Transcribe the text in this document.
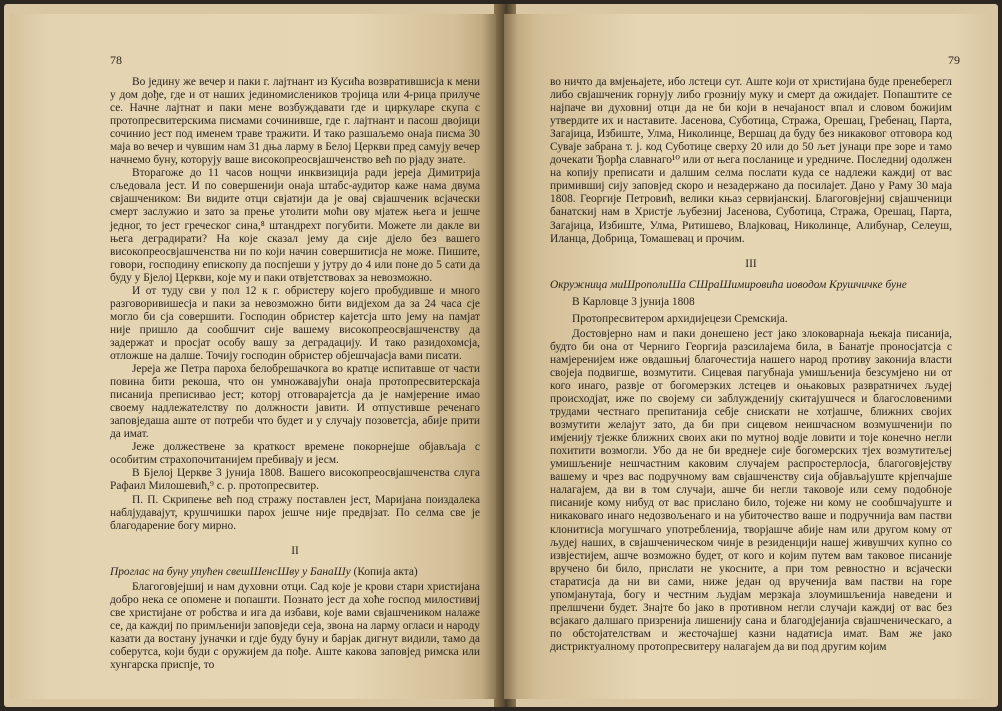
78

Во једину же вечер и паки г. лајтнант из Кусића возвратившисја к мени у дом дође, где и от наших јединомислеников тројица или 4-рица прилуче се. Начне лајтнат и паки мене возбуждавати где и циркуларе скупа с протопресвитерскима писмами сочинивше, где г. лајтнант и пасош двојици сочинио јест под именем траве тражити. И тако разшаљемо онаја писма 30 маја во вечер и чувшим нам 31 дња ларму в Белој Церкви пред самују вечер начнемо буну, которују ваше високопреосвјашченство већ по рјаду знате.

Вторагоже до 11 часов нощчи инквизиција ради јереја Димитрија сљедовала јест. И по совершенији онаја штабс-аудитор каже нама двума свјашчеником: Ви видите отци свјатији да је овај свјашченик всјачески смерт заслужио и зато за прење утолити моћи ову мјатеж њега и јешче једног, то јест греческог сина,⁸ штандрехт погубити. Можете ли дакле ви њега деградирати? На које сказал јему да сије дјело без вашего високопреосвјашченства ни по који начин совершитисја не може. Пишите, говори, господину епископу да поспјеши у јутру до 4 или поне до 5 сати да буду у Бјелој Церкви, које му и паки отвјетствовах за невозможно.

И от туду сви у пол 12 к г. обристеру којего пробудивше и много разговоривишесја и паки за невозможно бити видјехом да за 24 часа сје могло би сја совершити. Господин обристер кајетсја што јему на памјат није пришло да сообшчит сије вашему високопреосвјашченству да задержат и просјат особу вашу за деградацију. И тако разидохомсја, отложше на далше. Точију господин обристер објешчајасја вами писати.

Јереја же Петра пароха белобрешачкога во кратце испитавше от части повина бити рекоша, что он умножавајући онаја протопресвитерскаја писанија преписивао јест; которј отговарајетсја да је намјерение имао своему надлежателству по должности јавити. И отпустивше реченаго заповједаша аште от потреби что будет и у случају позоветсја, абије прити да имат.

Јеже должествене за краткост времене покорнејше објављаја с особитим страхопочитанијем пребивају и јесм.

В Бјелој Церкве 3 јунија 1808. Вашего високопреосвјашченства слуга Рафаил Милошевић,⁹ с. р. протопресвитер.

П. П. Скрипење већ под стражу поставлен јест, Маријана поиздалека наблјудавајут, крушчишки парох јешче није предвјзат. По селма све је благодарение богу мирно.

II

Проглас на буну упућен свешШенсШву у БанаШу (Копија акта)

Благоговјејшиј и нам духовни отци. Сад које је крови стари христијана добро нека се опомене и попашти. Познато јест да хоће господ милостивиј све христијане от робства и ига да избави, које вами свјашчеником налаже се, да каждиј по примљенији заповједи сеја, звона на ларму огласи и народу казати да востану јуначки и гдје буду буну и барјак дигнут видили, тамо да соберутса, који буди с оружијем да пође. Аште какова заповјед римска или хунгарска приспје, то

79

во ничто да вмјењајете, ибо лстеци сут. Аште који от христијана буде пренеберегл либо свјашченик горнују либо грозниjу муку и смерт да ожидајет. Попаштите се најпаче ви духовниј отци да не би који в нечајаност впал и словом божијим утвердите их и наставите. Јасенова, Суботица, Стража, Орешац, Гребенац, Парта, Загајица, Избиште, Улма, Николинце, Вершац да буду без никаковог отговора код Сувајe забрана т. ј. код Суботице сверху 20 или до 50 љет јунаци пре зоре и тамо дочекати Ђорђа славнаго¹⁰ или от њега посланице и уредниче. Последниј одолжен на копију преписати и далшим селма послати куда се надлежи каждиј от вас примившиј сију заповјед скоро и незадержано да посилајет. Дано у Раму 30 маја 1808. Георгије Петровић, велики књаз сервијанскиј. Благоговјејниј свјашченици банатскиј нам в Христје љубезниј Јасенова, Суботица, Стража, Орешац, Парта, Загајица, Избиште, Улма, Ритишево, Влајковац, Николинце, Алибунар, Селеуш, Иланца, Добрица, Томашевац и прочим.

III

Окружница миШрополиШа СШраШимировића иоводом Крушчичке буне

В Карловце 3 јунија 1808

Протопресвитером архидијецези Сремскија.

Достовјерно нам и паки донешено јест јако злоковарнаја њекаја писанија, будто би она от Черниго Георгија разсилајема била, в Банатје проносјатсја с намјеренијем иже овдашњиј благочестија нашего народ противу законија власти својеја подвигше, возмутити. Сицевая пагубнаја умишљенија безсумјено ни от кого инаго, развје от богомерзких лстецев и оњаковых развратничех људеј происходјат, иже по својему си заблужденију скитајушчеся и благословеними трудами честнаго препитанија себје снискати не хотјашче, ближних својих возмутити желајут зато, да би при сицевом неишчасном возмушченији по имјенију тјежке ближних своих аки по мутној водје ловити и тоје конечно негли похитити возмогли. Убо да не би вреднеје сије богомерских тјех возмутитељеј умишљеније нешчастним каковим случајем распростерлосја, благоговјејству вашему и чрез вас подручному вам свјашченству сија објављајуштe крјепчајше налагајем, да ви в том случаји, ашче би негли таковоје или сему подобноје писаније кому нибуд от вас прислано било, тојеже ни кому не сообшчајуште и никаковаго инаго недозвољенаго и на убиточество ваше и подручнија вам пастви клонитисја могушчаго употребленија, творјашче абије нам или другом кому от људеј наших, в свјашченическом чинје в резиденцији нашеј живушчих купно со извјестијем, ашче возможно будет, от кого и којим путем вам таковое писаније вручено би било, прислати не укосните, а при том ревностно и всјачески старатисја да ни ви сами, ниже један од врученија вам пастви на горе упомјанутаја, богу и честним људјам мерзкаја злоумишљенија наведени и прелшчени будет. Знаjте бо јако в противном негли случаји каждиј от вас без всјакаго далшаго призренија лишениjу сана и благодјејанија свјашченическаго, а по обстојателствам и жесточајшеј казни надатисја имат. Вам же јако дистриктуалному протопресвитеру налагајем да ви под другим којим
